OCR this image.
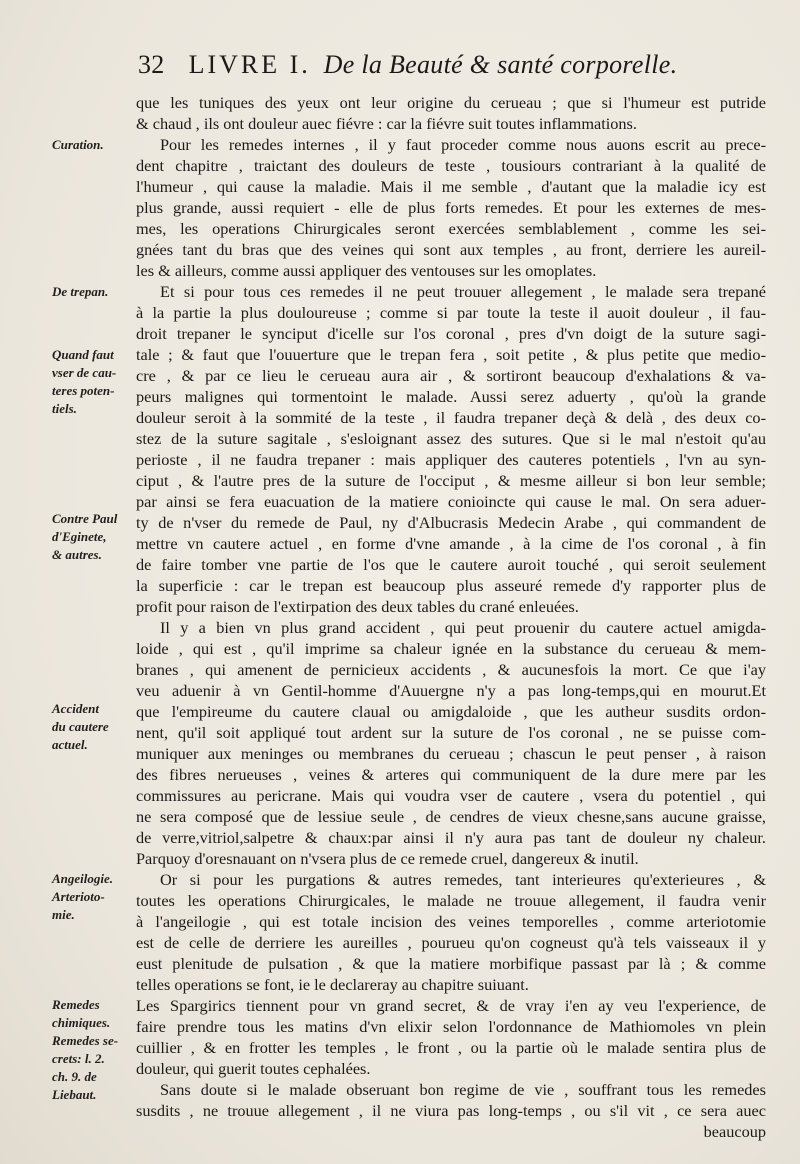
32 LIVRE I. De la Beauté & santé corporelle.
Curation.
De trepan.
Quand faut
vser de cau-
teres poten-
tiels.
Contre Paul
d'Eginete,
& autres.
Accident
du cautere
actuel.
Angeilogie.
Arterioto-
mie.
Remedes
chimiques.
Remedes se-
crets: l. 2.
ch. 9. de
Liebaut.
que les tuniques des yeux ont leur origine du cerueau ; que si l'humeur est putride
& chaud , ils ont douleur auec fiévre : car la fiévre suit toutes inflammations.
Pour les remedes internes , il y faut proceder comme nous auons escrit au prece-
dent chapitre , traictant des douleurs de teste , tousiours contrariant à la qualité de
l'humeur , qui cause la maladie. Mais il me semble , d'autant que la maladie icy est
plus grande, aussi requiert - elle de plus forts remedes. Et pour les externes de mes-
mes, les operations Chirurgicales seront exercées semblablement , comme les sei-
gnées tant du bras que des veines qui sont aux temples , au front, derriere les aureil-
les & ailleurs, comme aussi appliquer des ventouses sur les omoplates.
Et si pour tous ces remedes il ne peut trouuer allegement , le malade sera trepané
à la partie la plus douloureuse ; comme si par toute la teste il auoit douleur , il fau-
droit trepaner le synciput d'icelle sur l'os coronal , pres d'vn doigt de la suture sagi-
tale ; & faut que l'ouuerture que le trepan fera , soit petite , & plus petite que medio-
cre , & par ce lieu le cerueau aura air , & sortiront beaucoup d'exhalations & va-
peurs malignes qui tormentoint le malade. Aussi serez aduerty , qu'où la grande
douleur seroit à la sommité de la teste , il faudra trepaner deçà & delà , des deux co-
stez de la suture sagitale , s'esloignant assez des sutures. Que si le mal n'estoit qu'au
perioste , il ne faudra trepaner : mais appliquer des cauteres potentiels , l'vn au syn-
ciput , & l'autre pres de la suture de l'occiput , & mesme ailleur si bon leur semble;
par ainsi se fera euacuation de la matiere conioincte qui cause le mal. On sera aduer-
ty de n'vser du remede de Paul, ny d'Albucrasis Medecin Arabe , qui commandent de
mettre vn cautere actuel , en forme d'vne amande , à la cime de l'os coronal , à fin
de faire tomber vne partie de l'os que le cautere auroit touché , qui seroit seulement
la superficie : car le trepan est beaucoup plus asseuré remede d'y rapporter plus de
profit pour raison de l'extirpation des deux tables du crané enleuées.
Il y a bien vn plus grand accident , qui peut prouenir du cautere actuel amigda-
loide , qui est , qu'il imprime sa chaleur ignée en la substance du cerueau & mem-
branes , qui amenent de pernicieux accidents , & aucunesfois la mort. Ce que i'ay
veu aduenir à vn Gentil-homme d'Auuergne n'y a pas long-temps,qui en mourut.Et
que l'empireume du cautere claual ou amigdaloide , que les autheur susdits ordon-
nent, qu'il soit appliqué tout ardent sur la suture de l'os coronal , ne se puisse com-
muniquer aux meninges ou membranes du cerueau ; chascun le peut penser , à raison
des fibres nerueuses , veines & arteres qui communiquent de la dure mere par les
commissures au pericrane. Mais qui voudra vser de cautere , vsera du potentiel , qui
ne sera composé que de lessiue seule , de cendres de vieux chesne,sans aucune graisse,
de verre,vitriol,salpetre & chaux:par ainsi il n'y aura pas tant de douleur ny chaleur.
Parquoy d'oresnauant on n'vsera plus de ce remede cruel, dangereux & inutil.
Or si pour les purgations & autres remedes, tant interieures qu'exterieures , &
toutes les operations Chirurgicales, le malade ne trouue allegement, il faudra venir
à l'angeilogie , qui est totale incision des veines temporelles , comme arteriotomie
est de celle de derriere les aureilles , pourueu qu'on cogneust qu'à tels vaisseaux il y
eust plenitude de pulsation , & que la matiere morbifique passast par là ; & comme
telles operations se font, ie le declareray au chapitre suiuant.
Les Spargirics tiennent pour vn grand secret, & de vray i'en ay veu l'experience, de
faire prendre tous les matins d'vn elixir selon l'ordonnance de Mathiomoles vn plein
cuillier , & en frotter les temples , le front , ou la partie où le malade sentira plus de
douleur, qui guerit toutes cephalées.
Sans doute si le malade obseruant bon regime de vie , souffrant tous les remedes
susdits , ne trouue allegement , il ne viura pas long-temps , ou s'il vit , ce sera auec
beaucoup
